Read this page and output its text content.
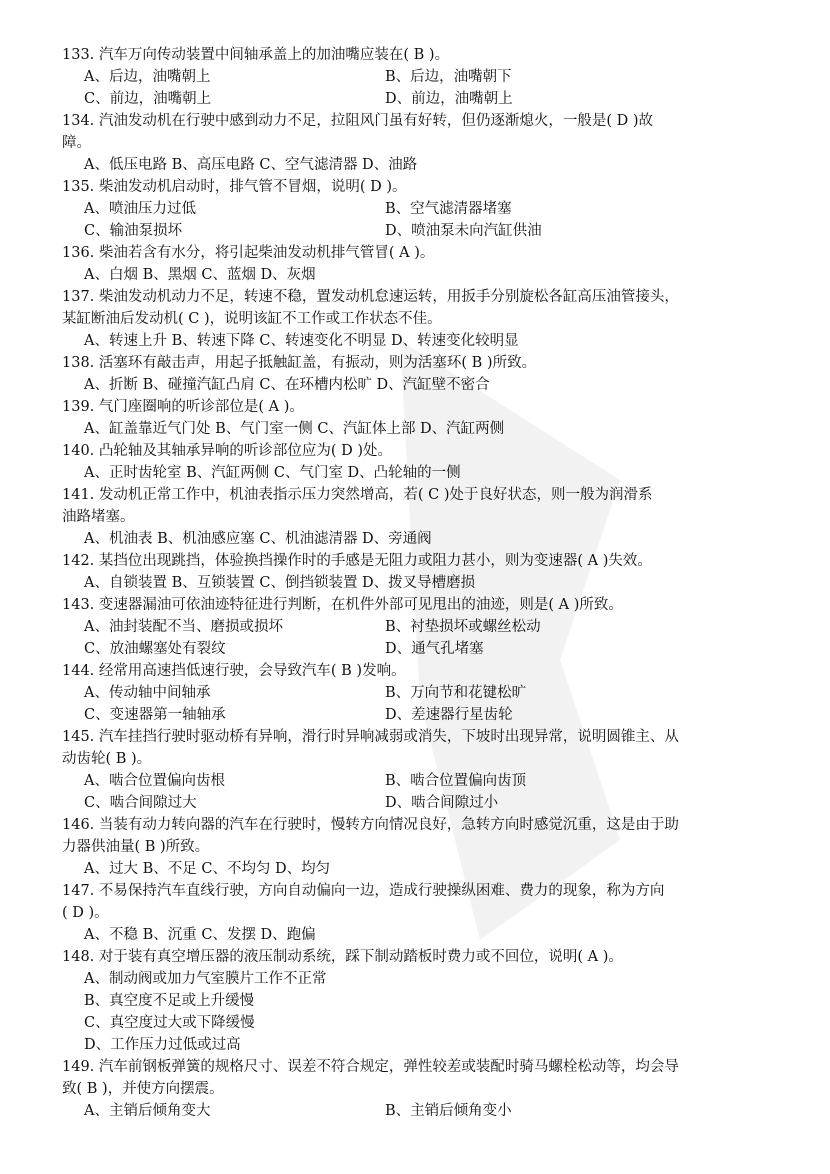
133. 汽车万向传动装置中间轴承盖上的加油嘴应装在( B )。
A、后边，油嘴朝上	B、后边，油嘴朝下
C、前边，油嘴朝上	D、前边，油嘴朝上
134. 汽油发动机在行驶中感到动力不足，拉阻风门虽有好转，但仍逐渐熄火，一般是( D )故
障。
A、低压电路 B、高压电路 C、空气滤清器 D、油路
135. 柴油发动机启动时，排气管不冒烟，说明( D )。
A、喷油压力过低	B、空气滤清器堵塞
C、输油泵损坏	D、喷油泵未向汽缸供油
136. 柴油若含有水分，将引起柴油发动机排气管冒( A )。
A、白烟 B、黑烟 C、蓝烟 D、灰烟
137. 柴油发动机动力不足，转速不稳，置发动机怠速运转，用扳手分别旋松各缸高压油管接头，
某缸断油后发动机( C )，说明该缸不工作或工作状态不佳。
A、转速上升 B、转速下降 C、转速变化不明显 D、转速变化较明显
138. 活塞环有敲击声，用起子抵触缸盖，有振动，则为活塞环( B )所致。
A、折断 B、碰撞汽缸凸肩 C、在环槽内松旷 D、汽缸壁不密合
139. 气门座圈响的听诊部位是( A )。
A、缸盖靠近气门处 B、气门室一侧 C、汽缸体上部 D、汽缸两侧
140. 凸轮轴及其轴承异响的听诊部位应为( D )处。
A、正时齿轮室 B、汽缸两侧 C、气门室 D、凸轮轴的一侧
141. 发动机正常工作中，机油表指示压力突然增高，若( C )处于良好状态，则一般为润滑系
油路堵塞。
A、机油表 B、机油感应塞 C、机油滤清器 D、旁通阀
142. 某挡位出现跳挡，体验换挡操作时的手感是无阻力或阻力甚小，则为变速器( A )失效。
A、自锁装置 B、互锁装置 C、倒挡锁装置 D、拨叉导槽磨损
143. 变速器漏油可依油迹特征进行判断，在机件外部可见甩出的油迹，则是( A )所致。
A、油封装配不当、磨损或损坏	B、衬垫损坏或螺丝松动
C、放油螺塞处有裂纹	D、通气孔堵塞
144. 经常用高速挡低速行驶，会导致汽车( B )发响。
A、传动轴中间轴承	B、万向节和花键松旷
C、变速器第一轴轴承	D、差速器行星齿轮
145. 汽车挂挡行驶时驱动桥有异响，滑行时异响减弱或消失，下坡时出现异常，说明圆锥主、从
动齿轮( B )。
A、啮合位置偏向齿根	B、啮合位置偏向齿顶
C、啮合间隙过大	D、啮合间隙过小
146. 当装有动力转向器的汽车在行驶时，慢转方向情况良好，急转方向时感觉沉重，这是由于助
力器供油量( B )所致。
A、过大 B、不足 C、不均匀 D、均匀
147. 不易保持汽车直线行驶，方向自动偏向一边，造成行驶操纵困难、费力的现象，称为方向
( D )。
A、不稳 B、沉重 C、发摆 D、跑偏
148. 对于装有真空增压器的液压制动系统，踩下制动踏板时费力或不回位，说明( A )。
A、制动阀或加力气室膜片工作不正常
B、真空度不足或上升缓慢
C、真空度过大或下降缓慢
D、工作压力过低或过高
149. 汽车前钢板弹簧的规格尺寸、误差不符合规定，弹性较差或装配时骑马螺栓松动等，均会导
致( B )，并使方向摆震。
A、主销后倾角变大	B、主销后倾角变小
